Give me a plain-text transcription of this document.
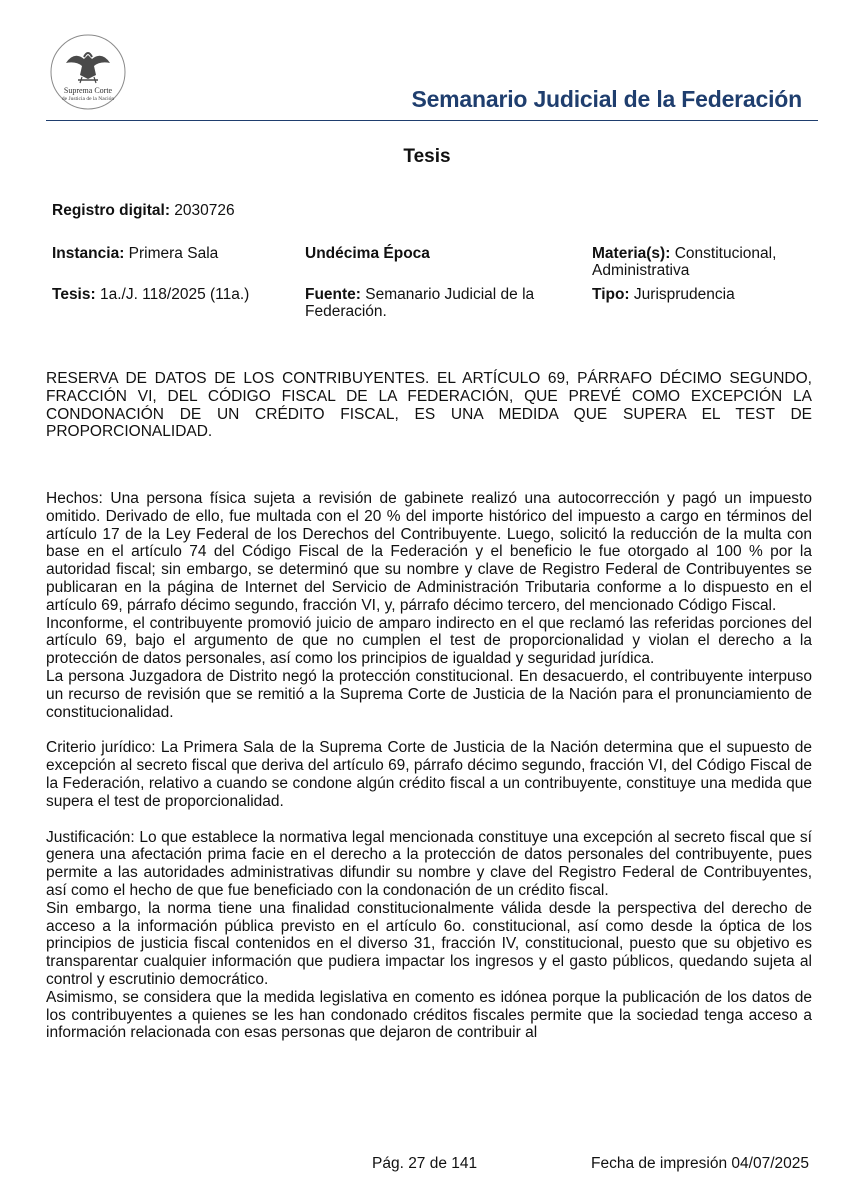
Suprema Corte
de Justicia de la Nación	Semanario Judicial de la Federación
Tesis
Registro digital: 2030726
Instancia: Primera Sala	Undécima Época	Materia(s): Constitucional, Administrativa
Tesis: 1a./J. 118/2025 (11a.)	Fuente: Semanario Judicial de la Federación.
Tipo: Jurisprudencia
RESERVA DE DATOS DE LOS CONTRIBUYENTES. EL ARTÍCULO 69, PÁRRAFO DÉCIMO SEGUNDO, FRACCIÓN VI, DEL CÓDIGO FISCAL DE LA FEDERACIÓN, QUE PREVÉ COMO EXCEPCIÓN LA CONDONACIÓN DE UN CRÉDITO FISCAL, ES UNA MEDIDA QUE SUPERA EL TEST DE PROPORCIONALIDAD.

Hechos: Una persona física sujeta a revisión de gabinete realizó una autocorrección y pagó un impuesto omitido. Derivado de ello, fue multada con el 20 % del importe histórico del impuesto a cargo en términos del artículo 17 de la Ley Federal de los Derechos del Contribuyente. Luego, solicitó la reducción de la multa con base en el artículo 74 del Código Fiscal de la Federación y el beneficio le fue otorgado al 100 % por la autoridad fiscal; sin embargo, se determinó que su nombre y clave de Registro Federal de Contribuyentes se publicaran en la página de Internet del Servicio de Administración Tributaria conforme a lo dispuesto en el artículo 69, párrafo décimo segundo, fracción VI, y, párrafo décimo tercero, del mencionado Código Fiscal.

Inconforme, el contribuyente promovió juicio de amparo indirecto en el que reclamó las referidas porciones del artículo 69, bajo el argumento de que no cumplen el test de proporcionalidad y violan el derecho a la protección de datos personales, así como los principios de igualdad y seguridad jurídica.

La persona Juzgadora de Distrito negó la protección constitucional. En desacuerdo, el contribuyente interpuso un recurso de revisión que se remitió a la Suprema Corte de Justicia de la Nación para el pronunciamiento de constitucionalidad.

Criterio jurídico: La Primera Sala de la Suprema Corte de Justicia de la Nación determina que el supuesto de excepción al secreto fiscal que deriva del artículo 69, párrafo décimo segundo, fracción VI, del Código Fiscal de la Federación, relativo a cuando se condone algún crédito fiscal a un contribuyente, constituye una medida que supera el test de proporcionalidad.

Justificación: Lo que establece la normativa legal mencionada constituye una excepción al secreto fiscal que sí genera una afectación prima facie en el derecho a la protección de datos personales del contribuyente, pues permite a las autoridades administrativas difundir su nombre y clave del Registro Federal de Contribuyentes, así como el hecho de que fue beneficiado con la condonación de un crédito fiscal.

Sin embargo, la norma tiene una finalidad constitucionalmente válida desde la perspectiva del derecho de acceso a la información pública previsto en el artículo 6o. constitucional, así como desde la óptica de los principios de justicia fiscal contenidos en el diverso 31, fracción IV, constitucional, puesto que su objetivo es transparentar cualquier información que pudiera impactar los ingresos y el gasto públicos, quedando sujeta al control y escrutinio democrático.

Asimismo, se considera que la medida legislativa en comento es idónea porque la publicación de los datos de los contribuyentes a quienes se les han condonado créditos fiscales permite que la sociedad tenga acceso a información relacionada con esas personas que dejaron de contribuir al

Pág. 27 de 141	Fecha de impresión 04/07/2025
